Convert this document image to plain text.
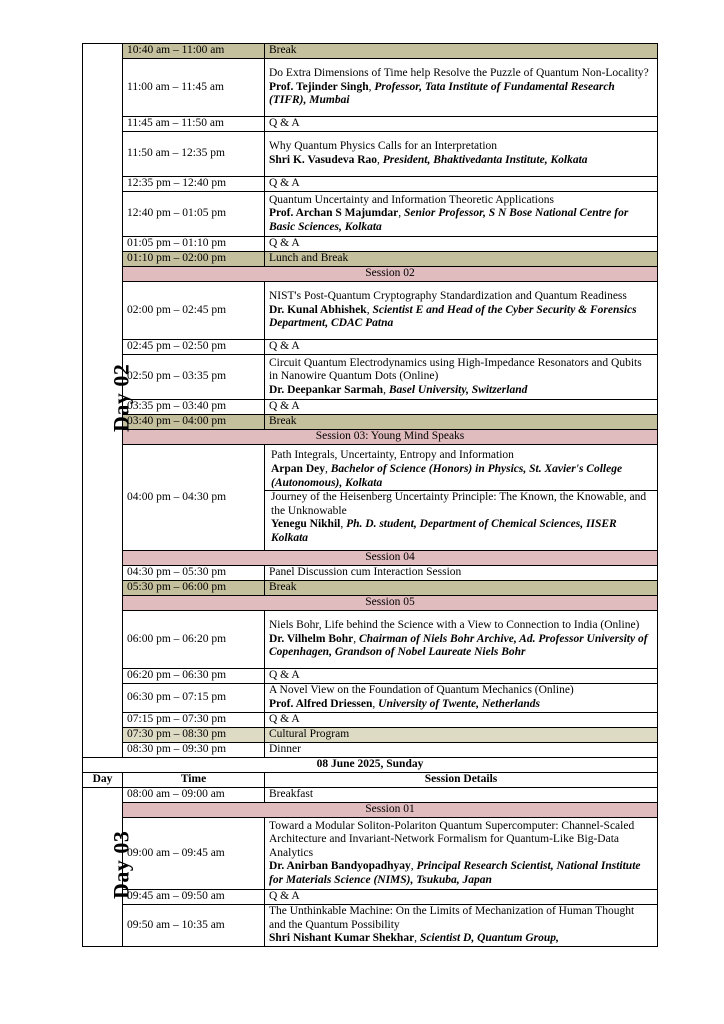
Day 02	10:40 am – 11:00 am	Break
	11:00 am – 11:45 am	Do Extra Dimensions of Time help Resolve the Puzzle of Quantum Non-Locality?
Prof. Tejinder Singh, Professor, Tata Institute of Fundamental Research (TIFR), Mumbai

	11:45 am – 11:50 am	Q & A
	11:50 am – 12:35 pm	Why Quantum Physics Calls for an Interpretation
Shri K. Vasudeva Rao, President, Bhaktivedanta Institute, Kolkata

	12:35 pm – 12:40 pm	Q & A
	12:40 pm – 01:05 pm	Quantum Uncertainty and Information Theoretic Applications
Prof. Archan S Majumdar, Senior Professor, S N Bose National Centre for Basic Sciences, Kolkata

	01:05 pm – 01:10 pm	Q & A
	01:10 pm – 02:00 pm	Lunch and Break
	Session 02	
	02:00 pm – 02:45 pm	NIST's Post-Quantum Cryptography Standardization and Quantum Readiness
Dr. Kunal Abhishek, Scientist E and Head of the Cyber Security & Forensics Department, CDAC Patna

	02:45 pm – 02:50 pm	Q & A
	02:50 pm – 03:35 pm	Circuit Quantum Electrodynamics using High-Impedance Resonators and Qubits in Nanowire Quantum Dots (Online)
Dr. Deepankar Sarmah, Basel University, Switzerland

	03:35 pm – 03:40 pm	Q & A
	03:40 pm – 04:00 pm	Break
	Session 03: Young Mind Speaks	
	04:00 pm – 04:30 pm	Path Integrals, Uncertainty, Entropy and Information
Arpan Dey, Bachelor of Science (Honors) in Physics, St. Xavier's College (Autonomous), Kolkata
Journey of the Heisenberg Uncertainty Principle: The Known, the Knowable, and the Unknowable
Yenegu Nikhil, Ph. D. student, Department of Chemical Sciences, IISER Kolkata

	Session 04	
	04:30 pm – 05:30 pm	Panel Discussion cum Interaction Session
	05:30 pm – 06:00 pm	Break
	Session 05	
	06:00 pm – 06:20 pm	Niels Bohr, Life behind the Science with a View to Connection to India (Online)
Dr. Vilhelm Bohr, Chairman of Niels Bohr Archive, Ad. Professor University of Copenhagen, Grandson of Nobel Laureate Niels Bohr

	06:20 pm – 06:30 pm	Q & A
	06:30 pm – 07:15 pm	A Novel View on the Foundation of Quantum Mechanics (Online)
Prof. Alfred Driessen, University of Twente, Netherlands

	07:15 pm – 07:30 pm	Q & A
	07:30 pm – 08:30 pm	Cultural Program
	08:30 pm – 09:30 pm	Dinner
08 June 2025, Sunday		
Day	Time	Session Details
Day 03	08:00 am – 09:00 am	Breakfast
	Session 01	
	09:00 am – 09:45 am	Toward a Modular Soliton-Polariton Quantum Supercomputer: Channel-Scaled Architecture and Invariant-Network Formalism for Quantum-Like Big-Data Analytics
Dr. Anirban Bandyopadhyay, Principal Research Scientist, National Institute for Materials Science (NIMS), Tsukuba, Japan

	09:45 am – 09:50 am	Q & A
	09:50 am – 10:35 am	The Unthinkable Machine: On the Limits of Mechanization of Human Thought and the Quantum Possibility
Shri Nishant Kumar Shekhar, Scientist D, Quantum Group,
